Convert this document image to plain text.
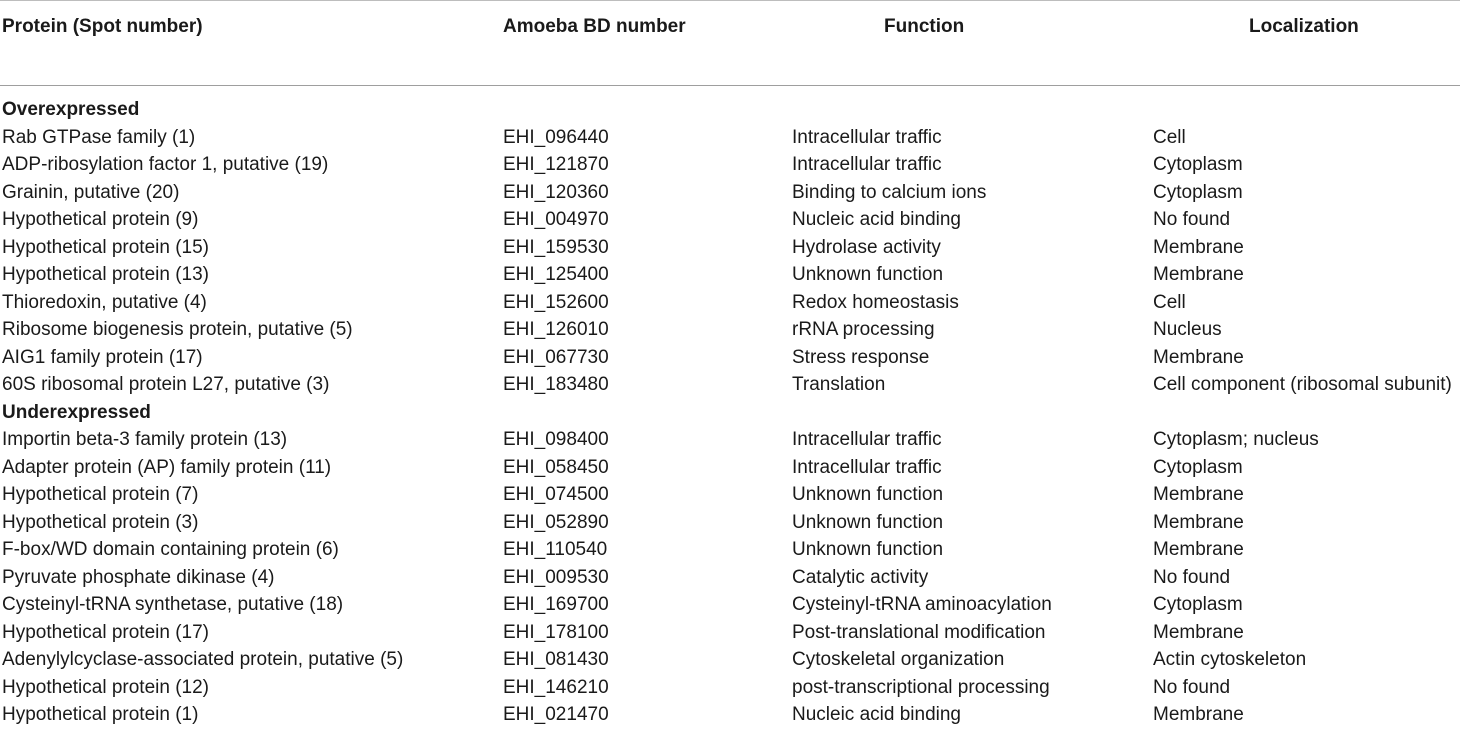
Protein (Spot number)	Amoeba BD number	Function	Localization
Overexpressed
Rab GTPase family (1)	EHI_096440	Intracellular traffic	Cell
ADP-ribosylation factor 1, putative (19)	EHI_121870	Intracellular traffic	Cytoplasm
Grainin, putative (20)	EHI_120360	Binding to calcium ions	Cytoplasm
Hypothetical protein (9)	EHI_004970	Nucleic acid binding	No found
Hypothetical protein (15)	EHI_159530	Hydrolase activity	Membrane
Hypothetical protein (13)	EHI_125400	Unknown function	Membrane
Thioredoxin, putative (4)	EHI_152600	Redox homeostasis	Cell
Ribosome biogenesis protein, putative (5)	EHI_126010	rRNA processing	Nucleus
AIG1 family protein (17)	EHI_067730	Stress response	Membrane
60S ribosomal protein L27, putative (3)	EHI_183480	Translation	Cell component (ribosomal subunit)
Underexpressed
Importin beta-3 family protein (13)	EHI_098400	Intracellular traffic	Cytoplasm; nucleus
Adapter protein (AP) family protein (11)	EHI_058450	Intracellular traffic	Cytoplasm
Hypothetical protein (7)	EHI_074500	Unknown function	Membrane
Hypothetical protein (3)	EHI_052890	Unknown function	Membrane
F-box/WD domain containing protein (6)	EHI_110540	Unknown function	Membrane
Pyruvate phosphate dikinase (4)	EHI_009530	Catalytic activity	No found
Cysteinyl-tRNA synthetase, putative (18)	EHI_169700	Cysteinyl-tRNA aminoacylation	Cytoplasm
Hypothetical protein (17)	EHI_178100	Post-translational modification	Membrane
Adenylylcyclase-associated protein, putative (5)	EHI_081430	Cytoskeletal organization	Actin cytoskeleton
Hypothetical protein (12)	EHI_146210	post-transcriptional processing	No found
Hypothetical protein (1)	EHI_021470	Nucleic acid binding	Membrane
